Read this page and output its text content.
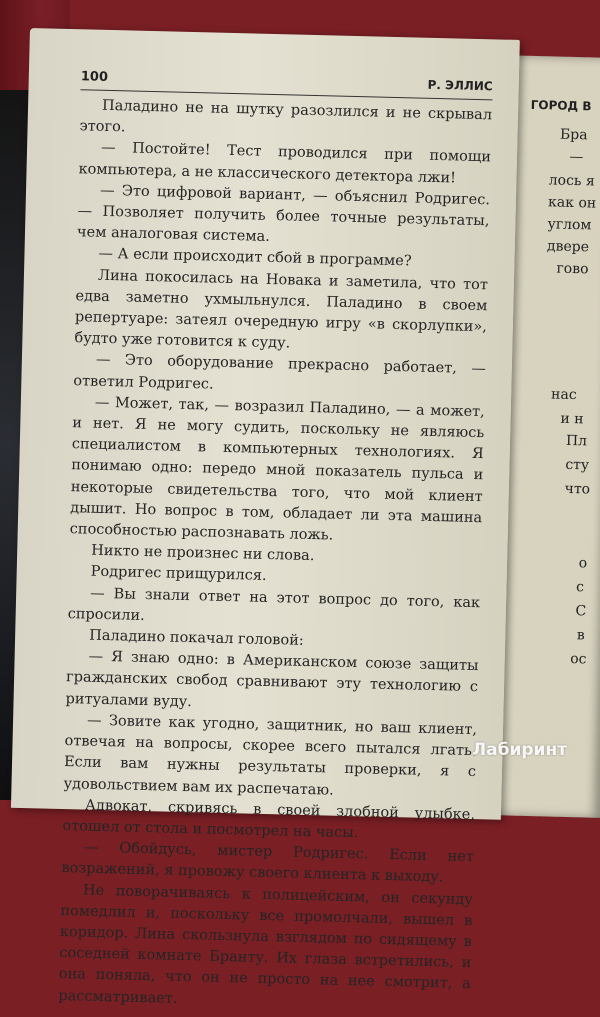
ГОРОД В
Бра
—
лось я
как он
углом
двере
гово
нас
и н
Пл
сту
что
о
с
С
в
ос
100
Р. ЭЛЛИС

Паладино не на шутку разозлился и не скрывал этого.

— Постойте! Тест проводился при помощи компьютера, а не классического детектора лжи!

— Это цифровой вариант, — объяснил Родригес. — Позволяет получить более точные результаты, чем аналоговая система.

— А если происходит сбой в программе?

Лина покосилась на Новака и заметила, что тот едва заметно ухмыльнулся. Паладино в своем репертуаре: затеял очередную игру «в скорлупки», будто уже готовится к суду.

— Это оборудование прекрасно работает, — ответил Родригес.

— Может, так, — возразил Паладино, — а может, и нет. Я не могу судить, поскольку не являюсь специалистом в компьютерных технологиях. Я понимаю одно: передо мной показатель пульса и некоторые свидетельства того, что мой клиент дышит. Но вопрос в том, обладает ли эта машина способностью распознавать ложь.

Никто не произнес ни слова.

Родригес прищурился.

— Вы знали ответ на этот вопрос до того, как спросили.

Паладино покачал головой:

— Я знаю одно: в Американском союзе защиты гражданских свобод сравнивают эту технологию с ритуалами вуду.

— Зовите как угодно, защитник, но ваш клиент, отвечая на вопросы, скорее всего пытался лгать. Если вам нужны результаты проверки, я с удовольствием вам их распечатаю.

Адвокат, скривясь в своей злобной улыбке, отошел от стола и посмотрел на часы.

— Обойдусь, мистер Родригес. Если нет возражений, я провожу своего клиента к выходу.

Не поворачиваясь к полицейским, он секунду помедлил и, поскольку все промолчали, вышел в коридор. Лина скользнула взглядом по сидящему в соседней комнате Бранту. Их глаза встретились, и она поняла, что он не просто на нее смотрит, а рассматривает.

Лабиринт
